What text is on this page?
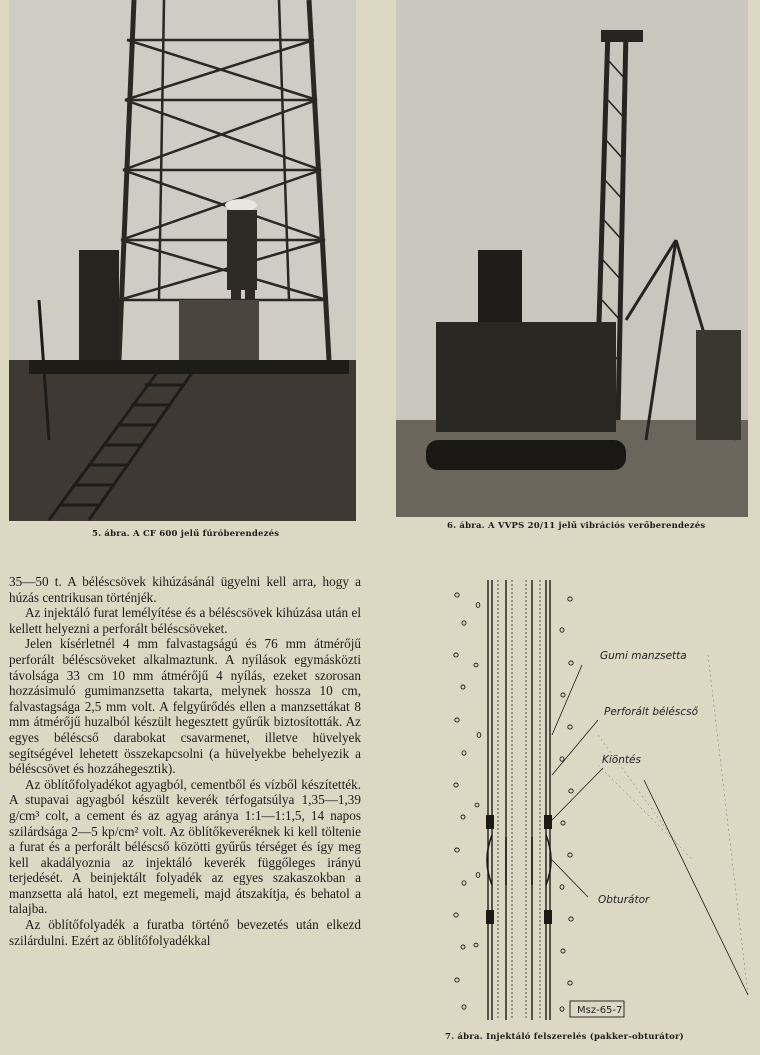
5. ábra. A CF 600 jelű fúróberendezés
6. ábra. A VVPS 20/11 jelű vibrációs verőberendezés

35—50 t. A béléscsövek kihúzásánál ügyelni kell arra, hogy a húzás centrikusan történjék.

Az injektáló furat lemélyítése és a béléscsövek kihúzása után el kellett helyezni a perforált béléscsöveket.

Jelen kísérletnél 4 mm falvastagságú és 76 mm átmérőjű perforált béléscsöveket alkalmaztunk. A nyílások egymásközti távolsága 33 cm 10 mm átmérőjű 4 nyílás, ezeket szorosan hozzásimuló gumimanzsetta takarta, melynek hossza 10 cm, falvastagsága 2,5 mm volt. A felgyűrődés ellen a manzsettákat 8 mm átmérőjű huzalból készült hegesztett gyűrűk biztosították. Az egyes béléscső darabokat csavarmenet, illetve hüvelyek segítségével lehetett összekapcsolni (a hüvelyekbe behelyezik a béléscsövet és hozzáhegesztik).

Az öblítőfolyadékot agyagból, cementből és vízből készítették. A stupavai agyagból készült keverék térfogatsúlya 1,35—1,39 g/cm³ colt, a cement és az agyag aránya 1:1—1:1,5, 14 napos szilárdsága 2—5 kp/cm² volt. Az öblítőkeveréknek ki kell töltenie a furat és a perforált béléscső közötti gyűrűs térséget és így meg kell akadályoznia az injektáló keverék függőleges irányú terjedését. A beinjektált folyadék az egyes szakaszokban a manzsetta alá hatol, ezt megemeli, majd átszakítja, és behatol a talajba.

Az öblítőfolyadék a furatba történő bevezetés után elkezd szilárdulni. Ezért az öblítőfolyadékkal

Gumi manzsetta
Perforált béléscső
Kiöntés
Obturátor
Msz-65-7
7. ábra. Injektáló felszerelés (pakker-obturátor)
